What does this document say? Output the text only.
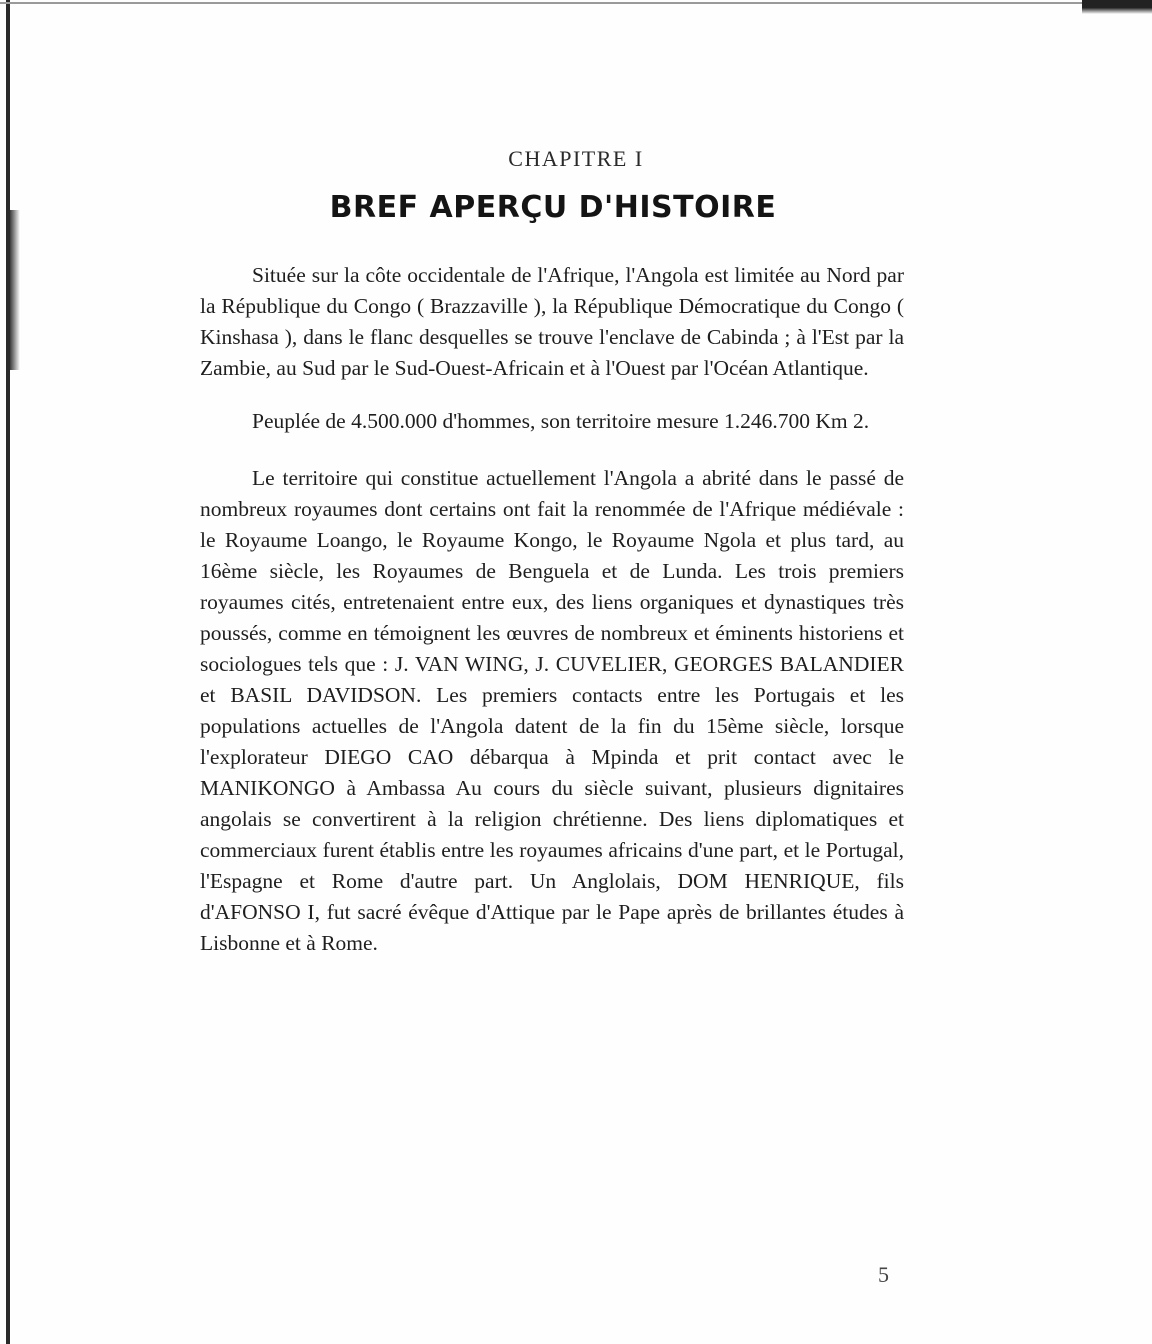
CHAPITRE I
BREF APERÇU D'HISTOIRE

Située sur la côte occidentale de l'Afrique, l'Angola est limitée au Nord par la République du Congo ( Brazzaville ), la République Démocratique du Congo ( Kinshasa ), dans le flanc desquelles se trouve l'enclave de Cabinda ; à l'Est par la Zambie, au Sud par le Sud-Ouest-Africain et à l'Ouest par l'Océan Atlantique.

Peuplée de 4.500.000 d'hommes, son territoire mesure 1.246.700 Km 2.

Le territoire qui constitue actuellement l'Angola a abrité dans le passé de nombreux royaumes dont certains ont fait la renommée de l'Afrique médiévale : le Royaume Loango, le Royaume Kongo, le Royaume Ngola et plus tard, au 16ème siècle, les Royaumes de Benguela et de Lunda. Les trois premiers royaumes cités, entretenaient entre eux, des liens organiques et dynastiques très poussés, comme en témoignent les œuvres de nombreux et éminents historiens et sociologues tels que : J. VAN WING, J. CUVELIER, GEORGES BALANDIER et BASIL DAVIDSON. Les premiers contacts entre les Portugais et les populations actuelles de l'Angola datent de la fin du 15ème siècle, lorsque l'explorateur DIEGO CAO débarqua à Mpinda et prit contact avec le MANIKONGO à Ambassa Au cours du siècle suivant, plusieurs dignitaires angolais se convertirent à la religion chrétienne. Des liens diplomatiques et commerciaux furent établis entre les royaumes africains d'une part, et le Portugal, l'Espagne et Rome d'autre part. Un Anglolais, DOM HENRIQUE, fils d'AFONSO I, fut sacré évêque d'Attique par le Pape après de brillantes études à Lisbonne et à Rome.

5
